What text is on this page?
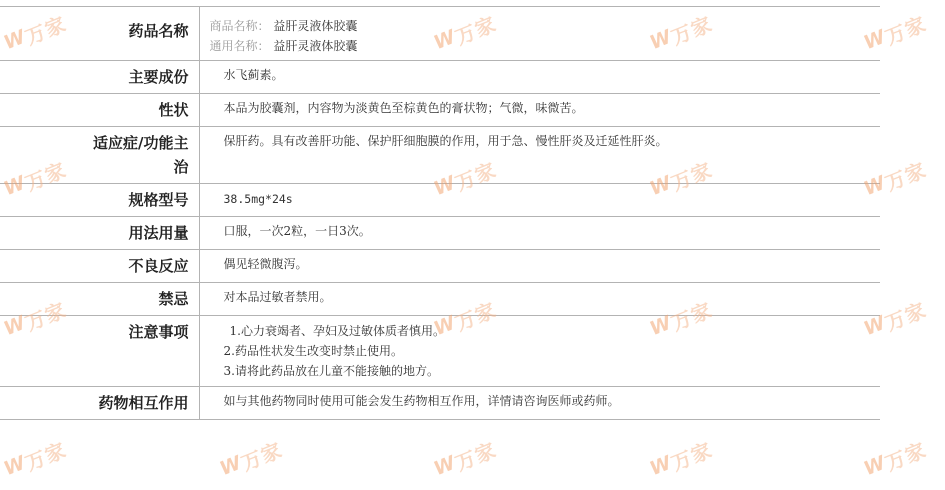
药品名称	商品名称： 益肝灵液体胶囊
通用名称： 益肝灵液体胶囊

主要成份	水飞蓟素。
性状	本品为胶囊剂，内容物为淡黄色至棕黄色的膏状物；气微，味微苦。

适应症/功能主
治	保肝药。具有改善肝功能、保护肝细胞膜的作用，用于急、慢性肝炎及迁延性肝炎。
规格型号	38.5mg*24s
用法用量	口服，一次2粒，一日3次。
不良反应	偶见轻微腹泻。
禁忌	对本品过敏者禁用。
注意事项	1.心力衰竭者、孕妇及过敏体质者慎用。
2.药品性状发生改变时禁止使用。
3.请将此药品放在儿童不能接触的地方。

药物相互作用	如与其他药物同时使用可能会发生药物相互作用，详情请咨询医师或药师。
W
万家	W
万家	W
万家	W
万家
W
万家	W
万家	W
万家	W
万家
W
万家	W
万家	W
万家	W
万家
W
万家	W
万家	W
万家	W
万家	W
万家
